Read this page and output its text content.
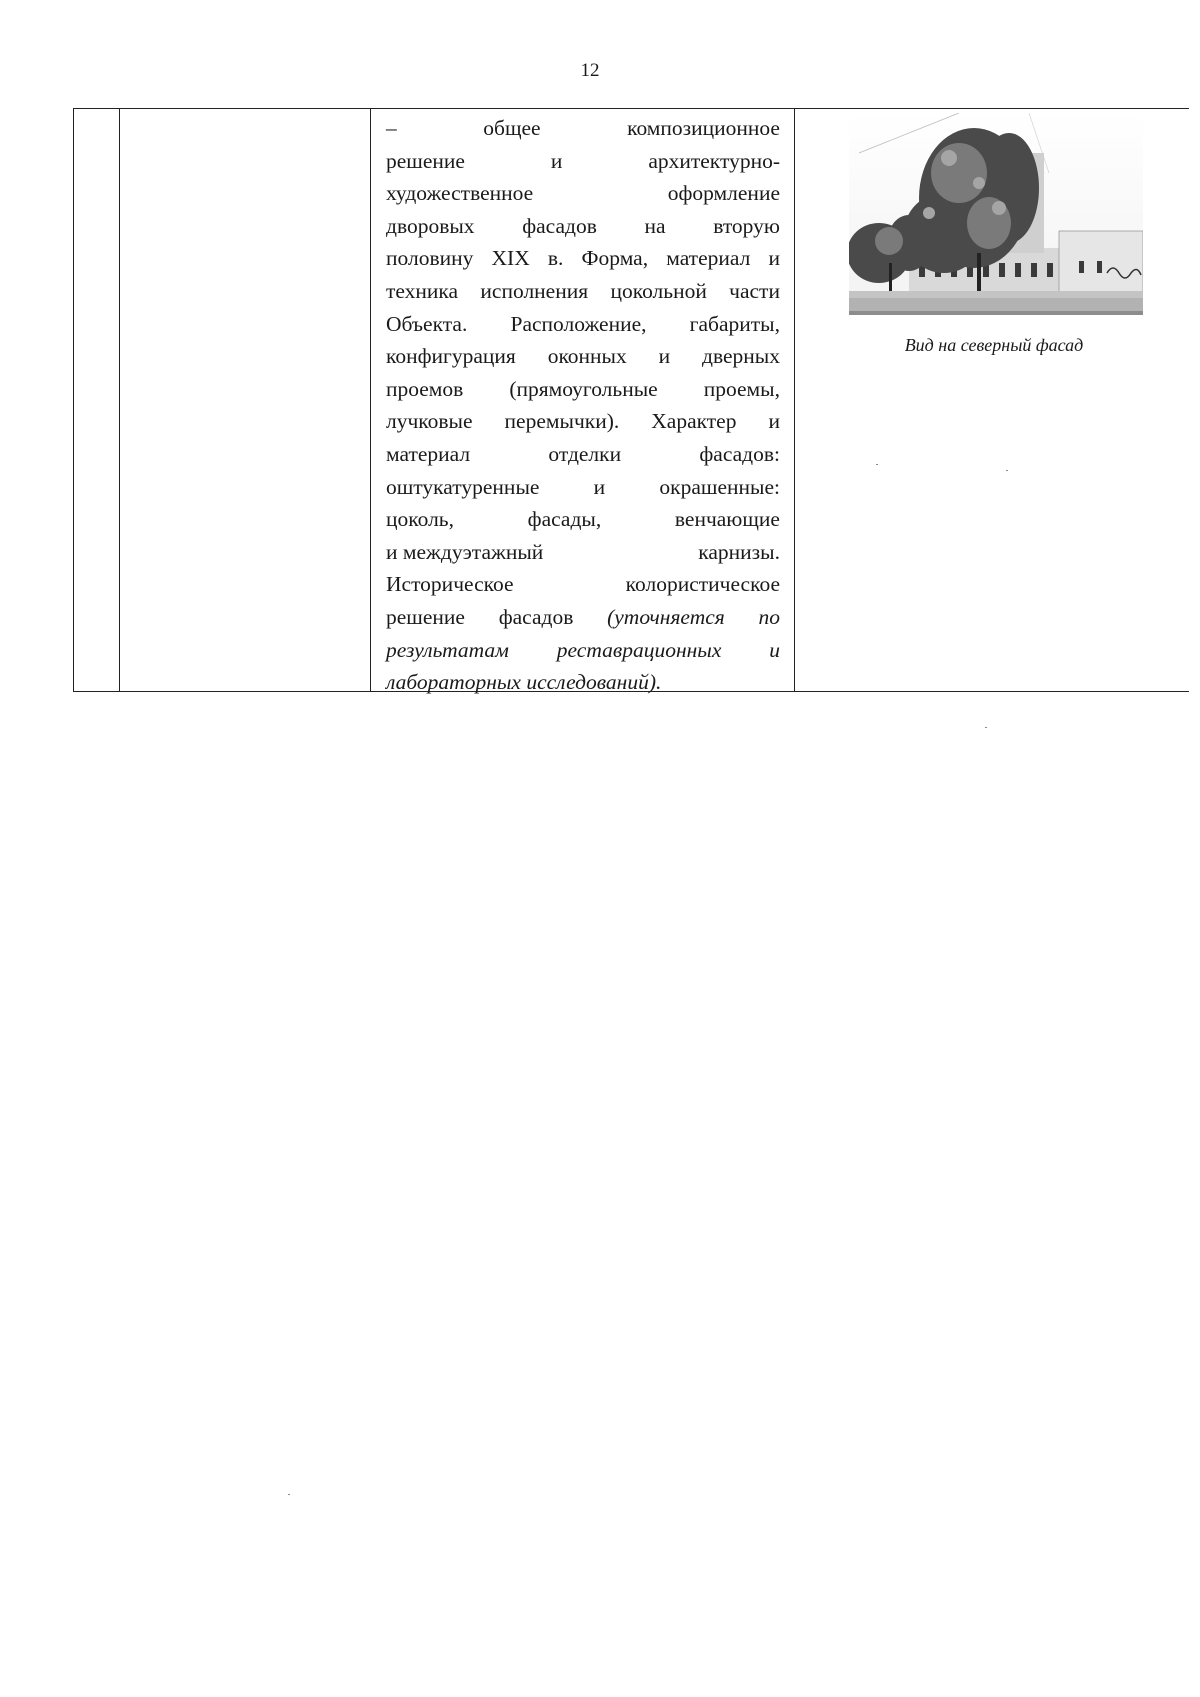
12
–	общее	композиционное
решение	и	архитектурно-
художественное	оформление
дворовых фасадов на вторую
половину XIX в. Форма, материал и
техника исполнения цокольной части
Объекта. Расположение, габариты,
конфигурация оконных и дверных
проемов (прямоугольные проемы,
лучковые перемычки). Характер и
материал	отделки	фасадов:
оштукатуренные	и	окрашенные:
цоколь,	фасады,	венчающие
и междуэтажный	карнизы.
Историческое	колористическое
решение фасадов (уточняется по
результатам реставрационных и
лабораторных исследований).
Вид на северный фасад
